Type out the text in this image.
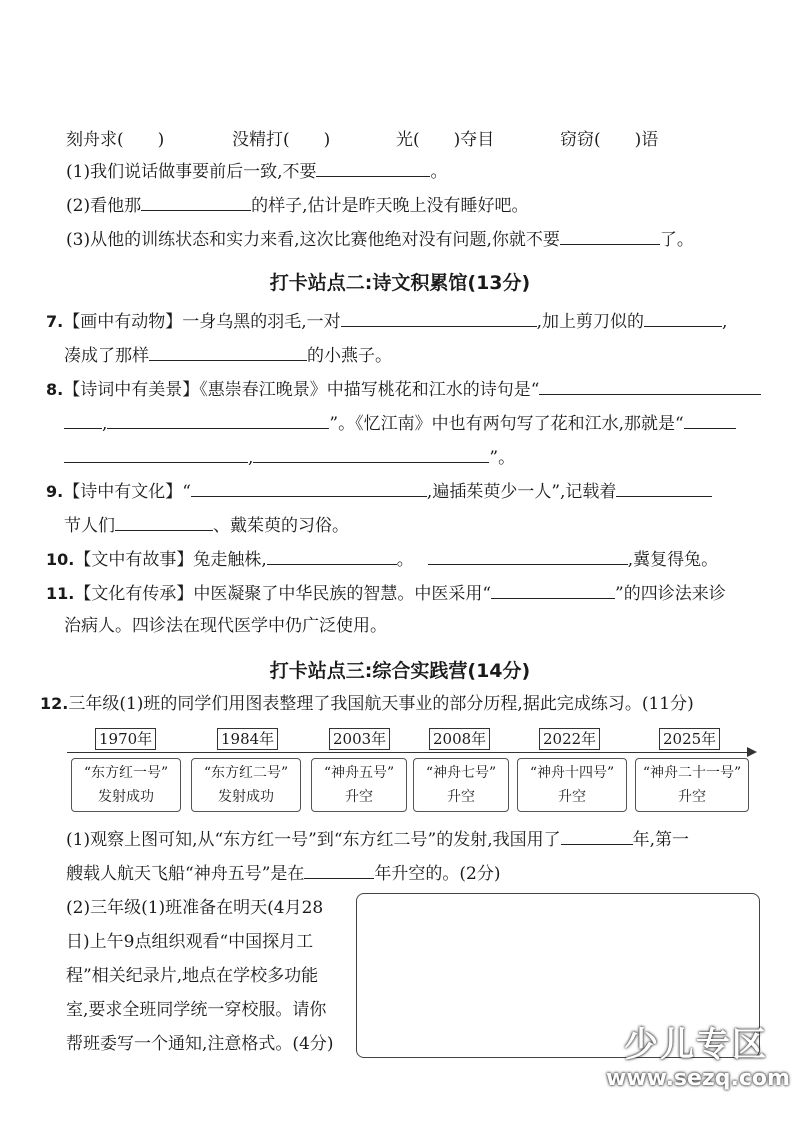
刻舟求(　　)	没精打(　　)	光(　　)夺目	窃窃(　　)语
(1)我们说话做事要前后一致,不要	。
(2)看他那	的样子,估计是昨天晚上没有睡好吧。
(3)从他的训练状态和实力来看,这次比赛他绝对没有问题,你就不要	了。
打卡站点二:诗文积累馆(13分)
7.【画中有动物】一身乌黑的羽毛,一对	,加上剪刀似的	,
凑成了那样	的小燕子。
8.【诗词中有美景】《惠崇春江晚景》中描写桃花和江水的诗句是“
,	”。《忆江南》中也有两句写了花和江水,那就是“
,	”。
9.【诗中有文化】“	,遍插茱萸少一人”,记载着
节人们	、戴茱萸的习俗。
10.【文中有故事】兔走触株,	。	,冀复得兔。
11.【文化有传承】中医凝聚了中华民族的智慧。中医采用“	”的四诊法来诊
治病人。四诊法在现代医学中仍广泛使用。
打卡站点三:综合实践营(14分)
12.三年级(1)班的同学们用图表整理了我国航天事业的部分历程,据此完成练习。(11分)
1970年
“东方红一号”
发射成功
1984年
“东方红二号”
发射成功
2003年
“神舟五号”
升空
2008年
“神舟七号”
升空
2022年
“神舟十四号”
升空
2025年
“神舟二十一号”
升空
(1)观察上图可知,从“东方红一号”到“东方红二号”的发射,我国用了	年,第一
艘载人航天飞船“神舟五号”是在	年升空的。(2分)
(2)三年级(1)班准备在明天(4月28
日)上午9点组织观看“中国探月工
程”相关纪录片,地点在学校多功能
室,要求全班同学统一穿校服。请你
帮班委写一个通知,注意格式。(4分)	少儿专区
www.sezq.com
